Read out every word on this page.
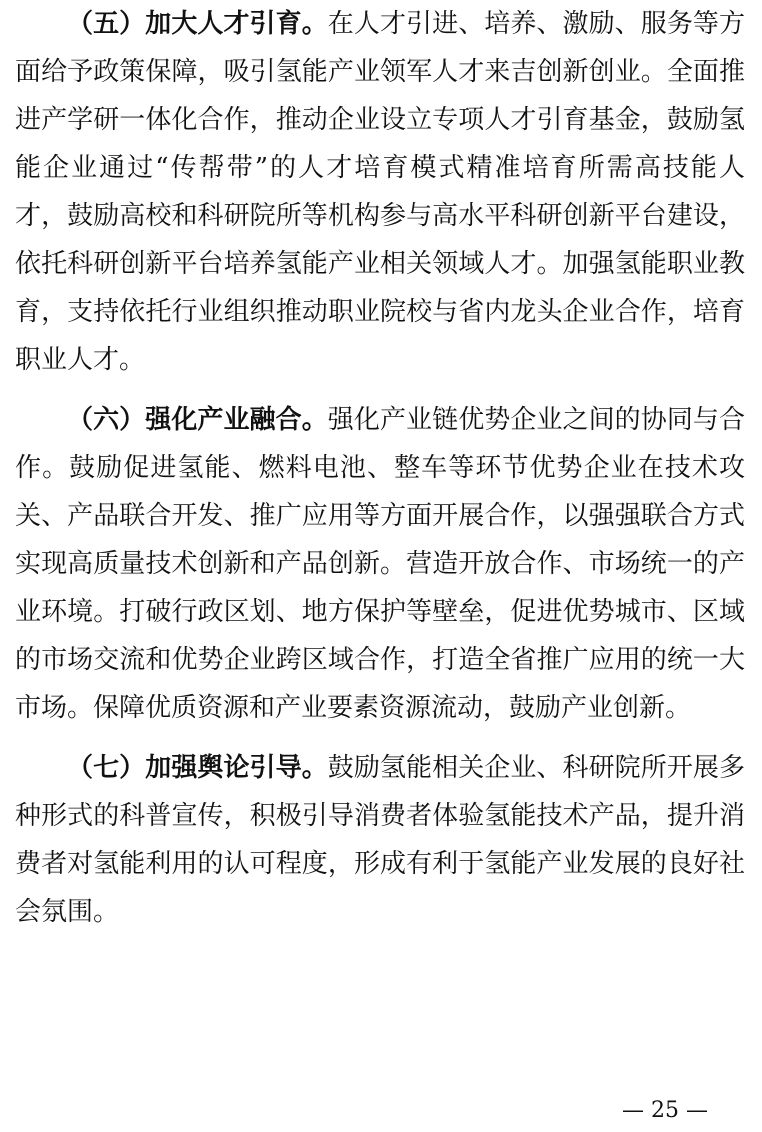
（五）加大人才引育。在人才引进、培养、激励、服务等方
面给予政策保障，吸引氢能产业领军人才来吉创新创业。全面推
进产学研一体化合作，推动企业设立专项人才引育基金，鼓励氢
能企业通过“传帮带”的人才培育模式精准培育所需高技能人
才，鼓励高校和科研院所等机构参与高水平科研创新平台建设，
依托科研创新平台培养氢能产业相关领域人才。加强氢能职业教
育，支持依托行业组织推动职业院校与省内龙头企业合作，培育
职业人才。
（六）强化产业融合。强化产业链优势企业之间的协同与合
作。鼓励促进氢能、燃料电池、整车等环节优势企业在技术攻
关、产品联合开发、推广应用等方面开展合作，以强强联合方式
实现高质量技术创新和产品创新。营造开放合作、市场统一的产
业环境。打破行政区划、地方保护等壁垒，促进优势城市、区域
的市场交流和优势企业跨区域合作，打造全省推广应用的统一大
市场。保障优质资源和产业要素资源流动，鼓励产业创新。
（七）加强舆论引导。鼓励氢能相关企业、科研院所开展多
种形式的科普宣传，积极引导消费者体验氢能技术产品，提升消
费者对氢能利用的认可程度，形成有利于氢能产业发展的良好社
会氛围。
— 25 —
